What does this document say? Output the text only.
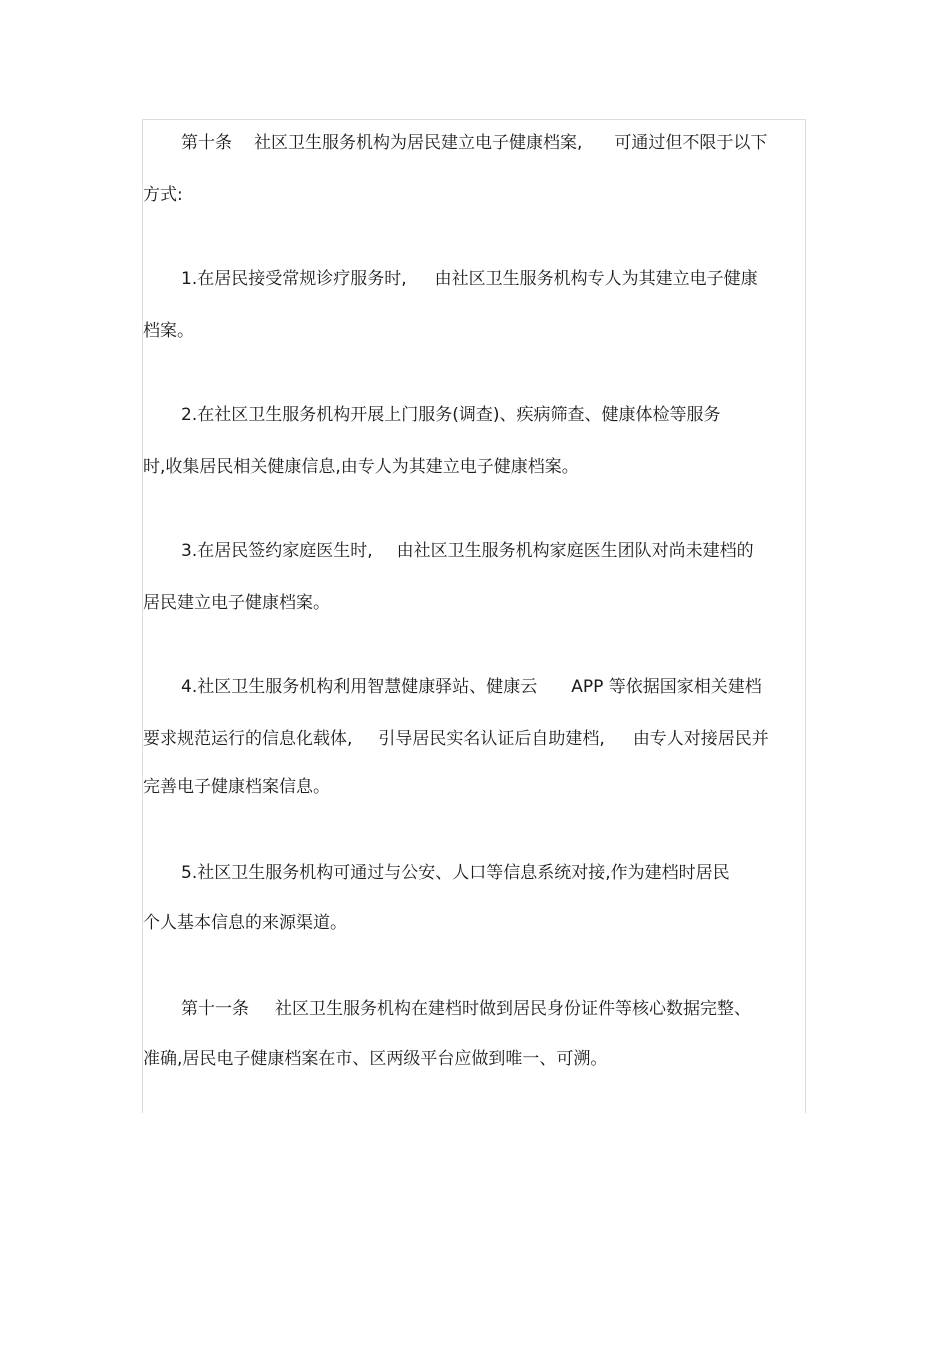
第十条 社区卫生服务机构为居民建立电子健康档案, 可通过但不限于以下
方式:
1.在居民接受常规诊疗服务时, 由社区卫生服务机构专人为其建立电子健康
档案。
2.在社区卫生服务机构开展上门服务(调查)、疾病筛查、健康体检等服务
时,收集居民相关健康信息,由专人为其建立电子健康档案。
3.在居民签约家庭医生时, 由社区卫生服务机构家庭医生团队对尚未建档的
居民建立电子健康档案。
4.社区卫生服务机构利用智慧健康驿站、健康云 APP 等依据国家相关建档
要求规范运行的信息化载体, 引导居民实名认证后自助建档, 由专人对接居民并
完善电子健康档案信息。
5.社区卫生服务机构可通过与公安、人口等信息系统对接,作为建档时居民
个人基本信息的来源渠道。
第十一条 社区卫生服务机构在建档时做到居民身份证件等核心数据完整、
准确,居民电子健康档案在市、区两级平台应做到唯一、可溯。
